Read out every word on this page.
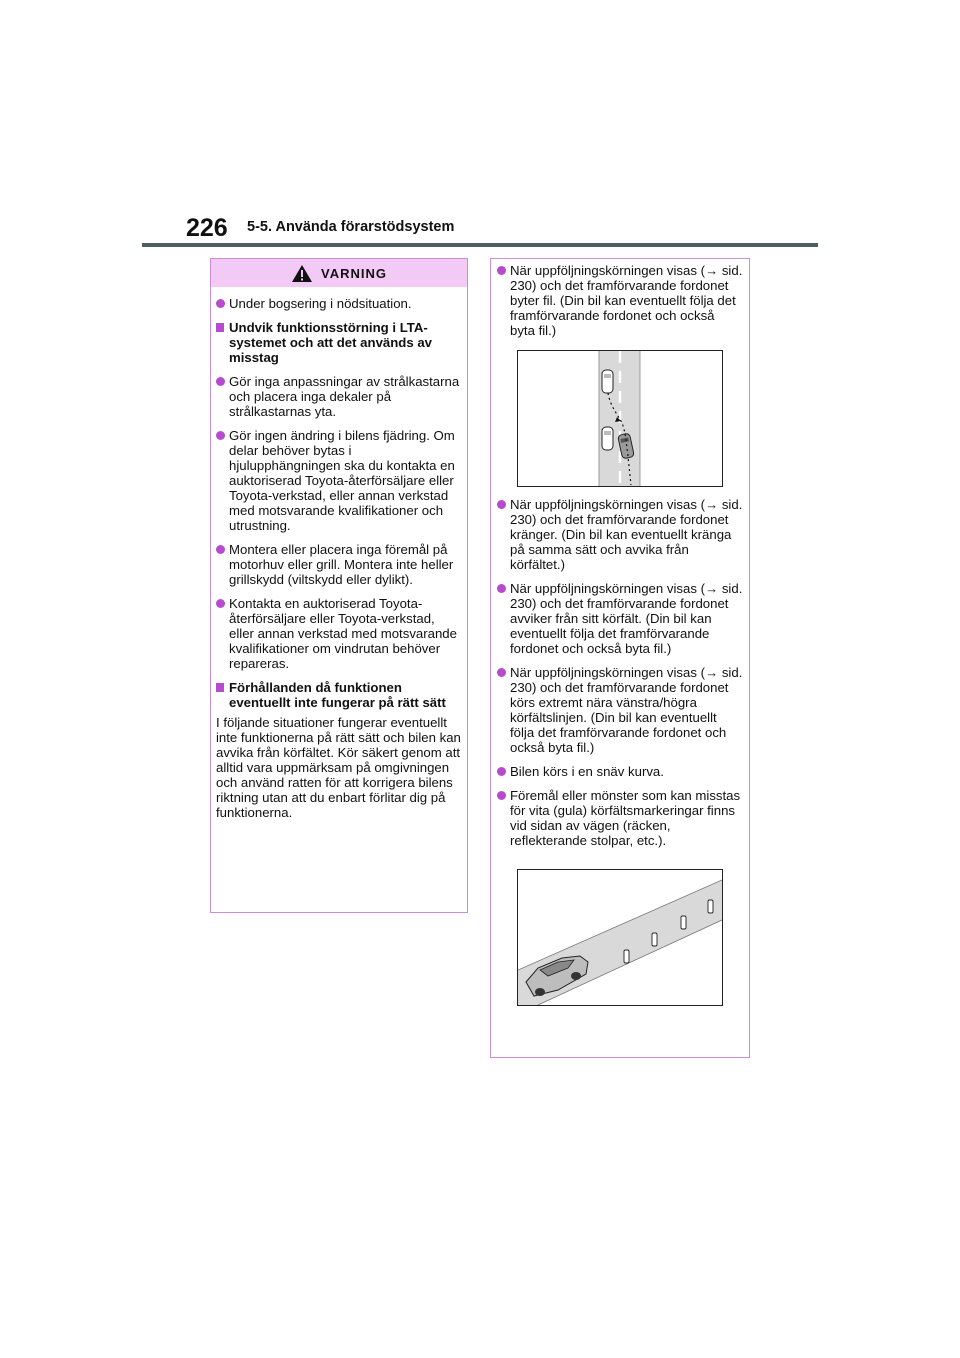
226 5-5. Använda förarstödsystem
VARNING
Under bogsering i nödsituation.
Undvik funktionsstörning i LTA-systemet och att det används av misstag
Gör inga anpassningar av strålkastarna och placera inga dekaler på strålkastarnas yta.
Gör ingen ändring i bilens fjädring. Om delar behöver bytas i hjulupphängningen ska du kontakta en auktoriserad Toyota-återförsäljare eller Toyota-verkstad, eller annan verkstad med motsvarande kvalifikationer och utrustning.
Montera eller placera inga föremål på motorhuv eller grill. Montera inte heller grillskydd (viltskydd eller dylikt).
Kontakta en auktoriserad Toyota-återförsäljare eller Toyota-verkstad, eller annan verkstad med motsvarande kvalifikationer om vindrutan behöver repareras.
Förhållanden då funktionen eventuellt inte fungerar på rätt sätt
I följande situationer fungerar eventuellt inte funktionerna på rätt sätt och bilen kan avvika från körfältet. Kör säkert genom att alltid vara uppmärksam på omgivningen och använd ratten för att korrigera bilens riktning utan att du enbart förlitar dig på funktionerna.
När uppföljningskörningen visas (→ sid. 230) och det framförvarande fordonet byter fil. (Din bil kan eventuellt följa det framförvarande fordonet och också byta fil.)
När uppföljningskörningen visas (→ sid. 230) och det framförvarande fordonet kränger. (Din bil kan eventuellt kränga på samma sätt och avvika från körfältet.)
När uppföljningskörningen visas (→ sid. 230) och det framförvarande fordonet avviker från sitt körfält. (Din bil kan eventuellt följa det framförvarande fordonet och också byta fil.)
När uppföljningskörningen visas (→ sid. 230) och det framförvarande fordonet körs extremt nära vänstra/högra körfältslinjen. (Din bil kan eventuellt följa det framförvarande fordonet och också byta fil.)
Bilen körs i en snäv kurva.
Föremål eller mönster som kan misstas för vita (gula) körfältsmarkeringar finns vid sidan av vägen (räcken, reflekterande stolpar, etc.).
